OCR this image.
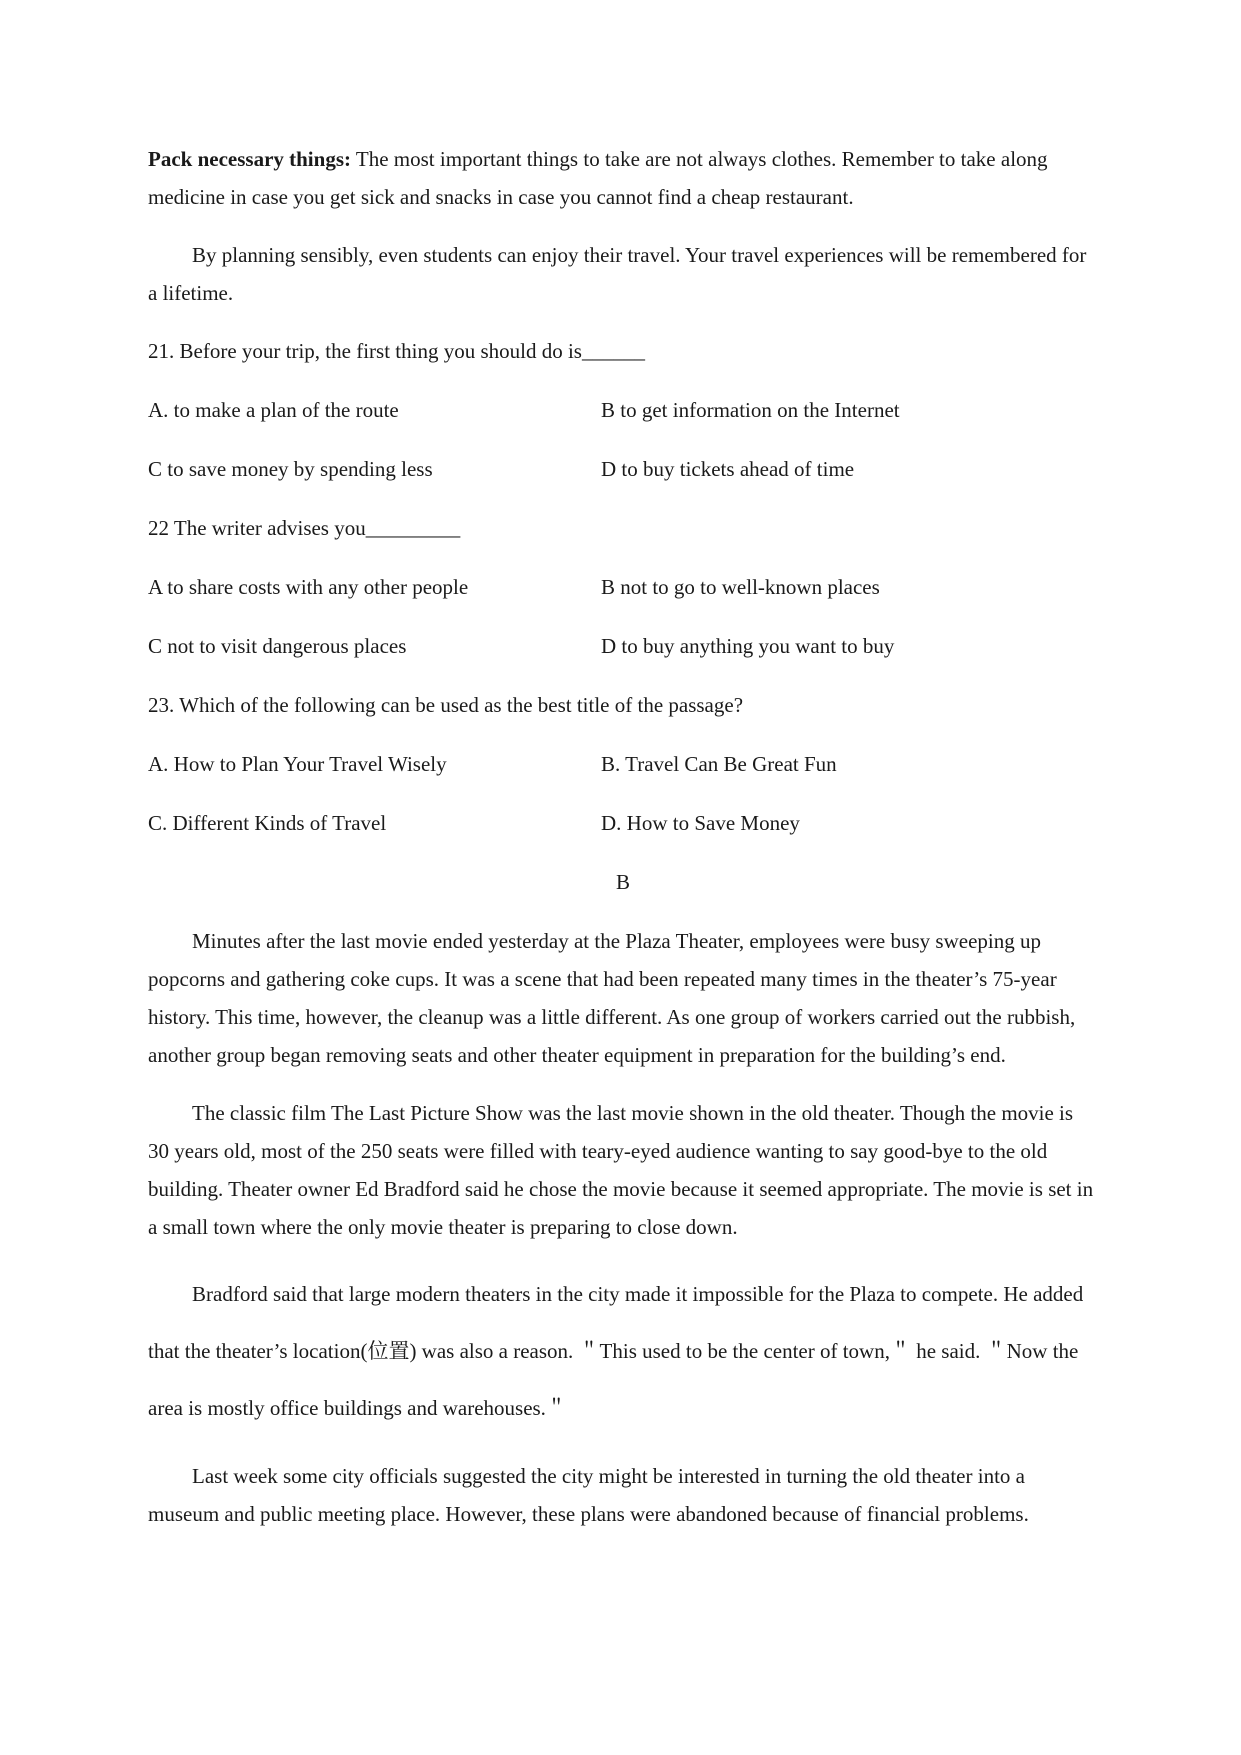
Pack necessary things: The most important things to take are not always clothes. Remember to take along medicine in case you get sick and snacks in case you cannot find a cheap restaurant.

By planning sensibly, even students can enjoy their travel. Your travel experiences will be remembered for a lifetime.

21. Before your trip, the first thing you should do is______

A. to make a plan of the route	B to get information on the Internet
C to save money by spending less	D to buy tickets ahead of time

22 The writer advises you_________

A to share costs with any other people	B not to go to well-known places
C not to visit dangerous places	D to buy anything you want to buy

23. Which of the following can be used as the best title of the passage?

A. How to Plan Your Travel Wisely	B. Travel Can Be Great Fun
C. Different Kinds of Travel	D. How to Save Money
B

Minutes after the last movie ended yesterday at the Plaza Theater, employees were busy sweeping up popcorns and gathering coke cups. It was a scene that had been repeated many times in the theater’s 75-year history. This time, however, the cleanup was a little different. As one group of workers carried out the rubbish, another group began removing seats and other theater equipment in preparation for the building’s end.

The classic film The Last Picture Show was the last movie shown in the old theater. Though the movie is 30 years old, most of the 250 seats were filled with teary-eyed audience wanting to say good-bye to the old building. Theater owner Ed Bradford said he chose the movie because it seemed appropriate. The movie is set in a small town where the only movie theater is preparing to close down.

Bradford said that large modern theaters in the city made it impossible for the Plaza to compete. He added that the theater’s location(位置) was also a reason. ＂This used to be the center of town,＂ he said. ＂Now the area is mostly office buildings and warehouses.＂

Last week some city officials suggested the city might be interested in turning the old theater into a museum and public meeting place. However, these plans were abandoned because of financial problems.
